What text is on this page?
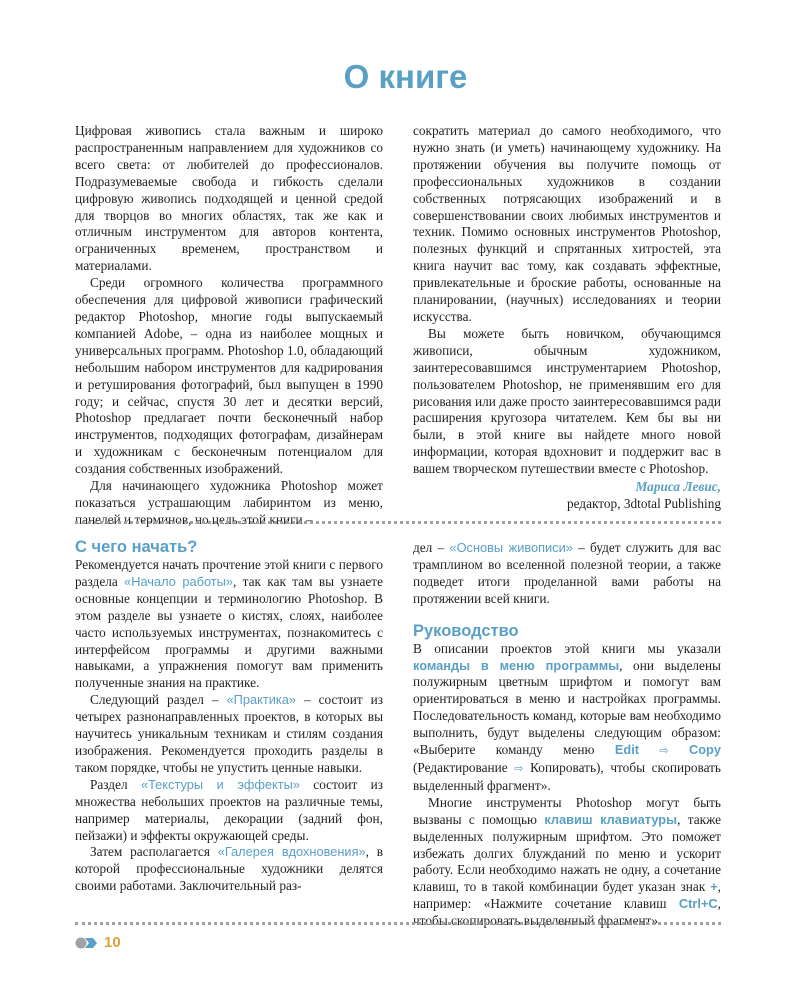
О книге

Цифровая живопись стала важным и широко распространенным направлением для художников со всего света: от любителей до профессионалов. Подразумеваемые свобода и гибкость сделали цифровую живопись подходящей и ценной средой для творцов во многих областях, так же как и отличным инструментом для авторов контента, ограниченных временем, пространством и материалами.

Среди огромного количества программного обеспечения для цифровой живописи графический редактор Photoshop, многие годы выпускаемый компанией Adobe, – одна из наиболее мощных и универсальных программ. Photoshop 1.0, обладающий небольшим набором инструментов для кадрирования и ретуширования фотографий, был выпущен в 1990 году; и сейчас, спустя 30 лет и десятки версий, Photoshop предлагает почти бесконечный набор инструментов, подходящих фотографам, дизайнерам и художникам с бесконечным потенциалом для создания собственных изображений.

Для начинающего художника Photoshop может показаться устрашающим лабиринтом из меню, панелей и терминов, но цель этой книги –

сократить материал до самого необходимого, что нужно знать (и уметь) начинающему художнику. На протяжении обучения вы получите помощь от профессиональных художников в создании собственных потрясающих изображений и в совершенствовании своих любимых инструментов и техник. Помимо основных инструментов Photoshop, полезных функций и спрятанных хитростей, эта книга научит вас тому, как создавать эффектные, привлекательные и броские работы, основанные на планировании, (научных) исследованиях и теории искусства.

Вы можете быть новичком, обучающимся живописи, обычным художником, заинтересовавшимся инструментарием Photoshop, пользователем Photoshop, не применявшим его для рисования или даже просто заинтересовавшимся ради расширения кругозора читателем. Кем бы вы ни были, в этой книге вы найдете много новой информации, которая вдохновит и поддержит вас в вашем творческом путешествии вместе с Photoshop.

Мариса Левис,
редактор, 3dtotal Publishing
С чего начать?

Рекомендуется начать прочтение этой книги с первого раздела «Начало работы», так как там вы узнаете основные концепции и терминологию Photoshop. В этом разделе вы узнаете о кистях, слоях, наиболее часто используемых инструментах, познакомитесь с интерфейсом программы и другими важными навыками, а упражнения помогут вам применить полученные знания на практике.

Следующий раздел – «Практика» – состоит из четырех разнонаправленных проектов, в которых вы научитесь уникальным техникам и стилям создания изображения. Рекомендуется проходить разделы в таком порядке, чтобы не упустить ценные навыки.

Раздел «Текстуры и эффекты» состоит из множества небольших проектов на различные темы, например материалы, декорации (задний фон, пейзажи) и эффекты окружающей среды.

Затем располагается «Галерея вдохновения», в которой профессиональные художники делятся своими работами. Заключительный раз-

дел – «Основы живописи» – будет служить для вас трамплином во вселенной полезной теории, а также подведет итоги проделанной вами работы на протяжении всей книги.

Руководство

В описании проектов этой книги мы указали команды в меню программы, они выделены полужирным цветным шрифтом и помогут вам ориентироваться в меню и настройках программы. Последовательность команд, которые вам необходимо выполнить, будут выделены следующим образом: «Выберите команду меню Edit ⇨ Copy (Редактирование ⇨ Копировать), чтобы скопировать выделенный фрагмент».

Многие инструменты Photoshop могут быть вызваны с помощью клавиш клавиатуры, также выделенных полужирным шрифтом. Это поможет избежать долгих блужданий по меню и ускорит работу. Если необходимо нажать не одну, а сочетание клавиш, то в такой комбинации будет указан знак +, например: «Нажмите сочетание клавиш Ctrl+C, чтобы скопировать выделенный фрагмент».

10
